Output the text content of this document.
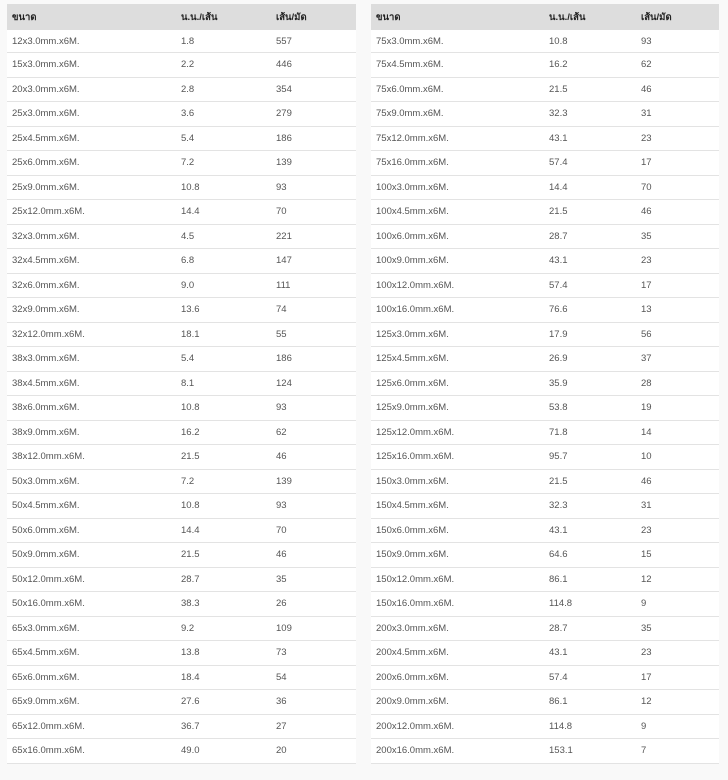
ขนาด	น.น./เส้น	เส้น/มัด
12x3.0mm.x6M.	1.8	557
15x3.0mm.x6M.	2.2	446
20x3.0mm.x6M.	2.8	354
25x3.0mm.x6M.	3.6	279
25x4.5mm.x6M.	5.4	186
25x6.0mm.x6M.	7.2	139
25x9.0mm.x6M.	10.8	93
25x12.0mm.x6M.	14.4	70
32x3.0mm.x6M.	4.5	221
32x4.5mm.x6M.	6.8	147
32x6.0mm.x6M.	9.0	111
32x9.0mm.x6M.	13.6	74
32x12.0mm.x6M.	18.1	55
38x3.0mm.x6M.	5.4	186
38x4.5mm.x6M.	8.1	124
38x6.0mm.x6M.	10.8	93
38x9.0mm.x6M.	16.2	62
38x12.0mm.x6M.	21.5	46
50x3.0mm.x6M.	7.2	139
50x4.5mm.x6M.	10.8	93
50x6.0mm.x6M.	14.4	70
50x9.0mm.x6M.	21.5	46
50x12.0mm.x6M.	28.7	35
50x16.0mm.x6M.	38.3	26
65x3.0mm.x6M.	9.2	109
65x4.5mm.x6M.	13.8	73
65x6.0mm.x6M.	18.4	54
65x9.0mm.x6M.	27.6	36
65x12.0mm.x6M.	36.7	27
65x16.0mm.x6M.	49.0	20
ขนาด	น.น./เส้น	เส้น/มัด
75x3.0mm.x6M.	10.8	93
75x4.5mm.x6M.	16.2	62
75x6.0mm.x6M.	21.5	46
75x9.0mm.x6M.	32.3	31
75x12.0mm.x6M.	43.1	23
75x16.0mm.x6M.	57.4	17
100x3.0mm.x6M.	14.4	70
100x4.5mm.x6M.	21.5	46
100x6.0mm.x6M.	28.7	35
100x9.0mm.x6M.	43.1	23
100x12.0mm.x6M.	57.4	17
100x16.0mm.x6M.	76.6	13
125x3.0mm.x6M.	17.9	56
125x4.5mm.x6M.	26.9	37
125x6.0mm.x6M.	35.9	28
125x9.0mm.x6M.	53.8	19
125x12.0mm.x6M.	71.8	14
125x16.0mm.x6M.	95.7	10
150x3.0mm.x6M.	21.5	46
150x4.5mm.x6M.	32.3	31
150x6.0mm.x6M.	43.1	23
150x9.0mm.x6M.	64.6	15
150x12.0mm.x6M.	86.1	12
150x16.0mm.x6M.	114.8	9
200x3.0mm.x6M.	28.7	35
200x4.5mm.x6M.	43.1	23
200x6.0mm.x6M.	57.4	17
200x9.0mm.x6M.	86.1	12
200x12.0mm.x6M.	114.8	9
200x16.0mm.x6M.	153.1	7
